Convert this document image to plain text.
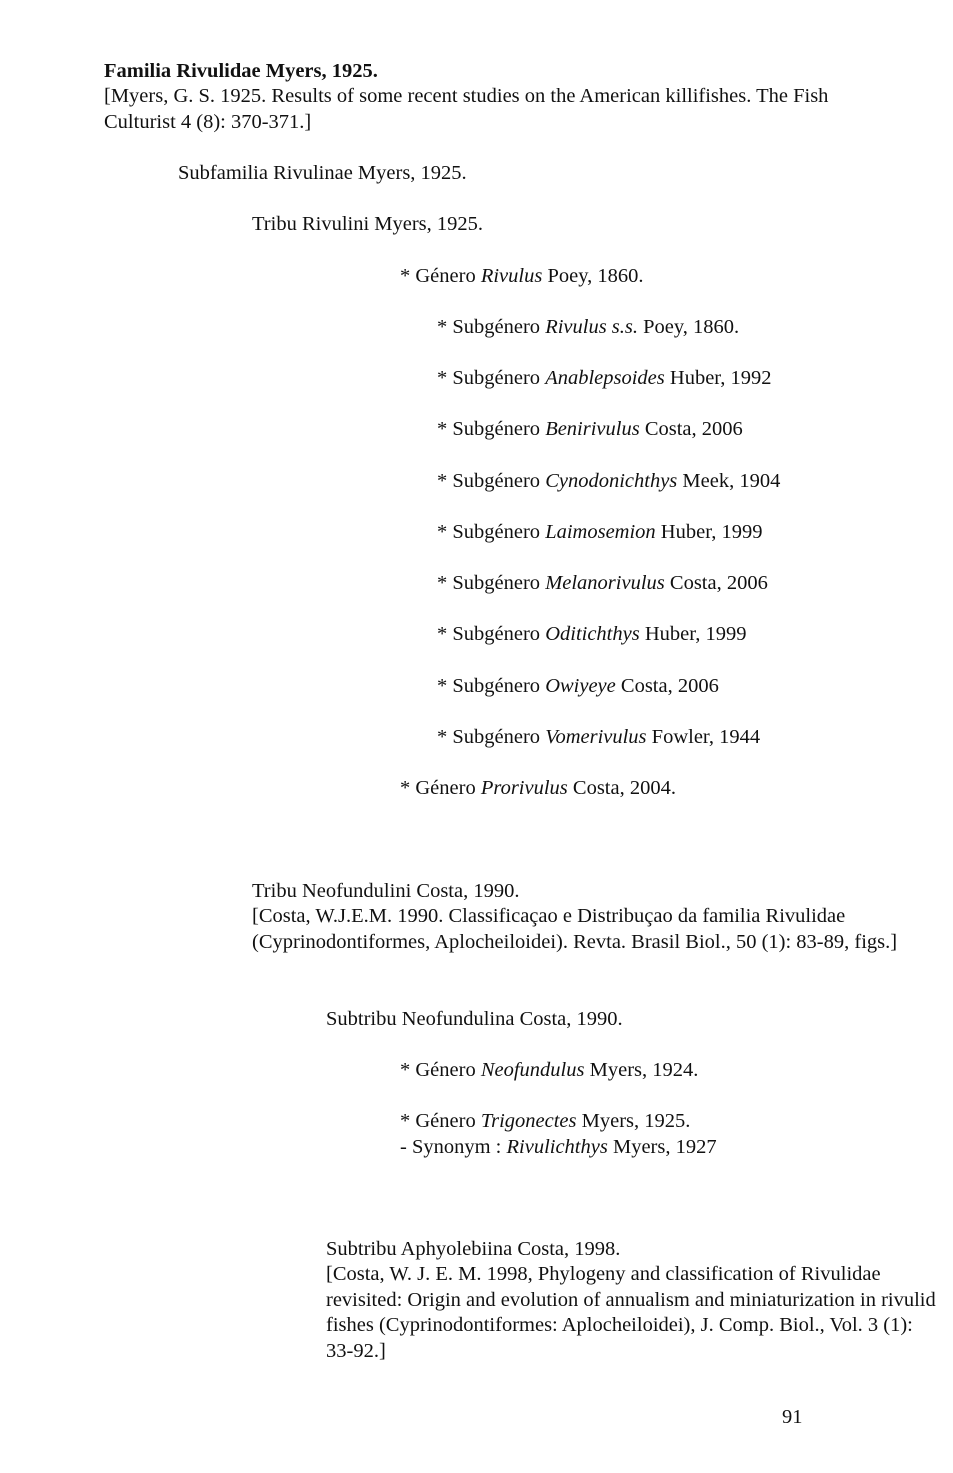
Familia Rivulidae Myers, 1925.
[Myers, G. S. 1925. Results of some recent studies on the American killifishes. The Fish Culturist 4 (8): 370-371.]
Subfamilia Rivulinae Myers, 1925.
Tribu Rivulini Myers, 1925.
* Género Rivulus Poey, 1860.
* Subgénero Rivulus s.s. Poey, 1860.
* Subgénero Anablepsoides Huber, 1992
* Subgénero Benirivulus Costa, 2006
* Subgénero Cynodonichthys Meek, 1904
* Subgénero Laimosemion Huber, 1999
* Subgénero Melanorivulus Costa, 2006
* Subgénero Oditichthys Huber, 1999
* Subgénero Owiyeye Costa, 2006
* Subgénero Vomerivulus Fowler, 1944
* Género Prorivulus Costa, 2004.
Tribu Neofundulini Costa, 1990.
[Costa, W.J.E.M. 1990. Classificaçao e Distribuçao da familia Rivulidae (Cyprinodontiformes, Aplocheiloidei). Revta. Brasil Biol., 50 (1): 83-89, figs.]
Subtribu Neofundulina Costa, 1990.
* Género Neofundulus Myers, 1924.
* Género Trigonectes Myers, 1925.
- Synonym : Rivulichthys Myers, 1927
Subtribu Aphyolebiina Costa, 1998.
[Costa, W. J. E. M. 1998, Phylogeny and classification of Rivulidae revisited: Origin and evolution of annualism and miniaturization in rivulid fishes (Cyprinodontiformes: Aplocheiloidei), J. Comp. Biol., Vol. 3 (1): 33-92.]
91
